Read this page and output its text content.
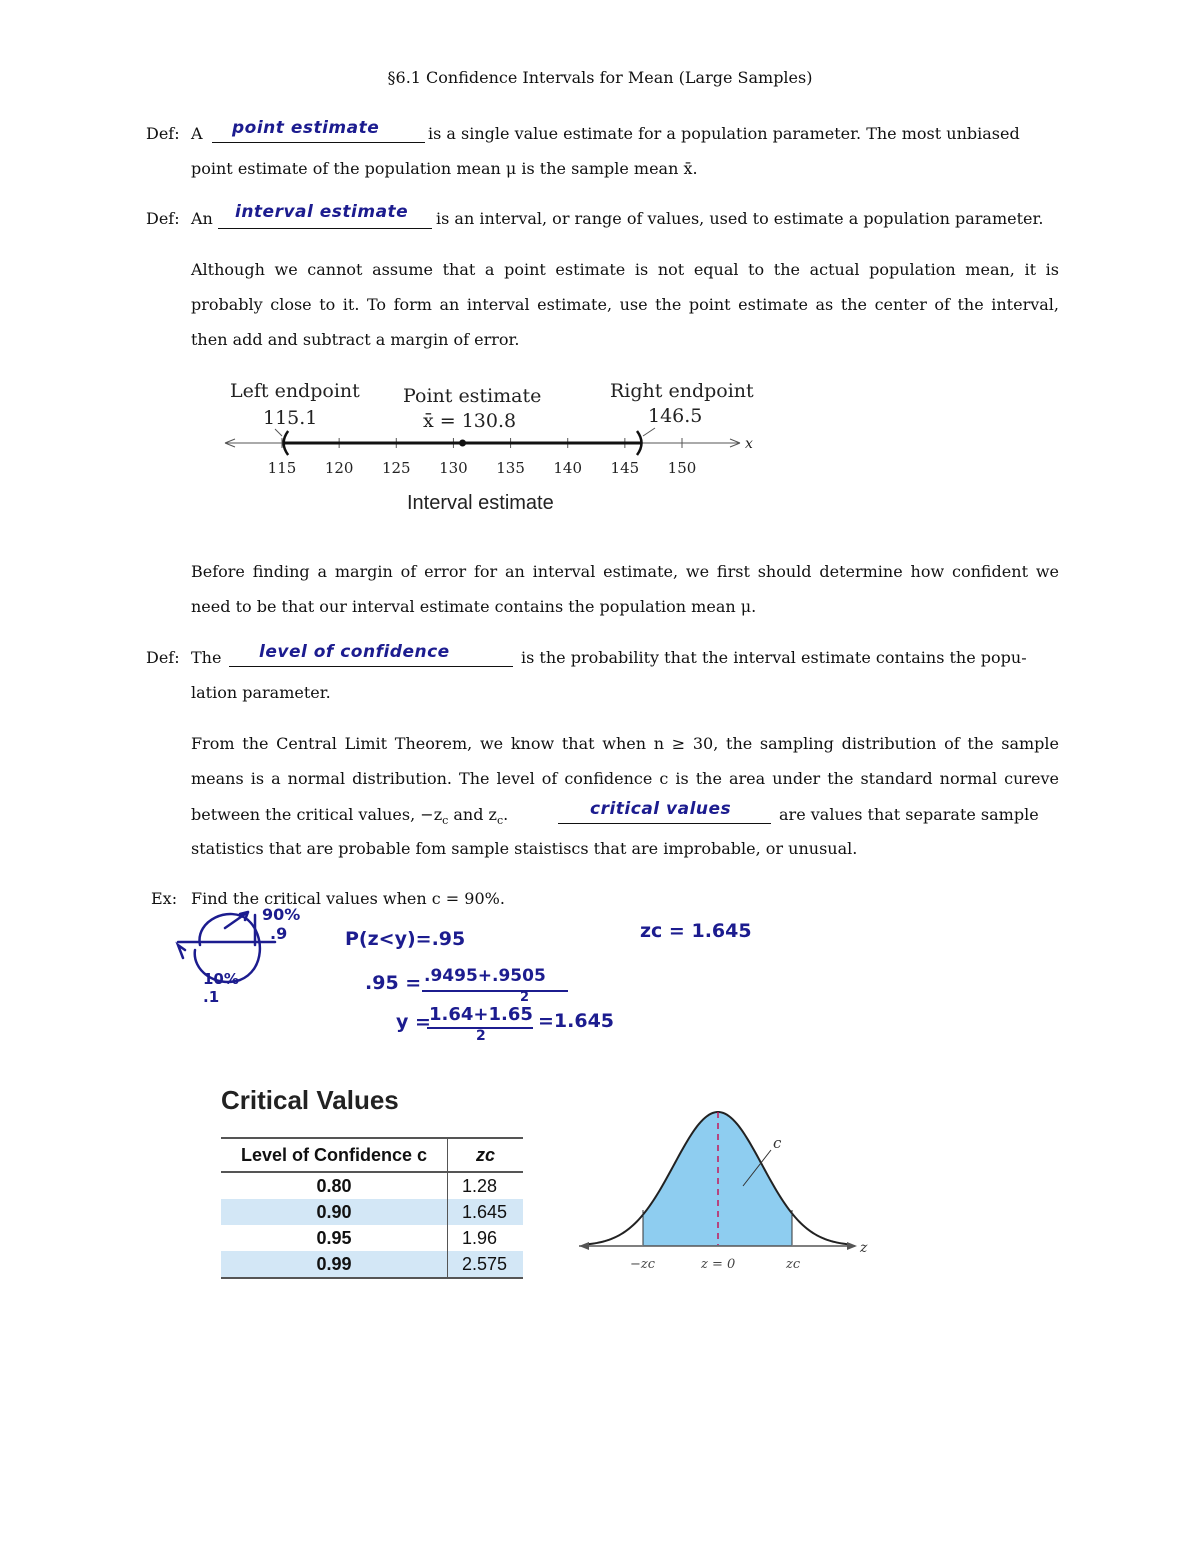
§6.1 Confidence Intervals for Mean (Large Samples)
Def: A point estimate	is a single value estimate for a population parameter. The most unbiased
point estimate of the population mean μ is the sample mean x̄.
Def: An interval estimate is an interval, or range of values, used to estimate a population parameter.
Although we cannot assume that a point estimate is not equal to the actual population mean, it is
probably close to it. To form an interval estimate, use the point estimate as the center of the interval,
then add and subtract a margin of error.
Left endpoint
115.1
Point estimate
x̄ = 130.8
Right endpoint
146.5
x
115 120 125 130 135 140 145 150
Interval estimate
Before finding a margin of error for an interval estimate, we first should determine how confident we
need to be that our interval estimate contains the population mean μ.
Def: The level of confidence	is the probability that the interval estimate contains the popu-
lation parameter.
From the Central Limit Theorem, we know that when n ≥ 30, the sampling distribution of the sample
means is a normal distribution. The level of confidence c is the area under the standard normal cureve
between the critical values, $-z_c$ and $z_c$.	critical values	are values that separate sample
statistics that are probable fom sample staistiscs that are improbable, or unusual.
Ex: Find the critical values when c = 90%.
90%
.9
10%
.1
P(z<y)=.95
.95 = .9495+.9505
2
y =
1.64+1.65
2
=1.645
zc = 1.645
Critical Values
Level of Confidence c	zc
0.80	1.28
0.90	1.645
0.95	1.96
0.99	2.575
c
z
−zc	z = 0	zc
